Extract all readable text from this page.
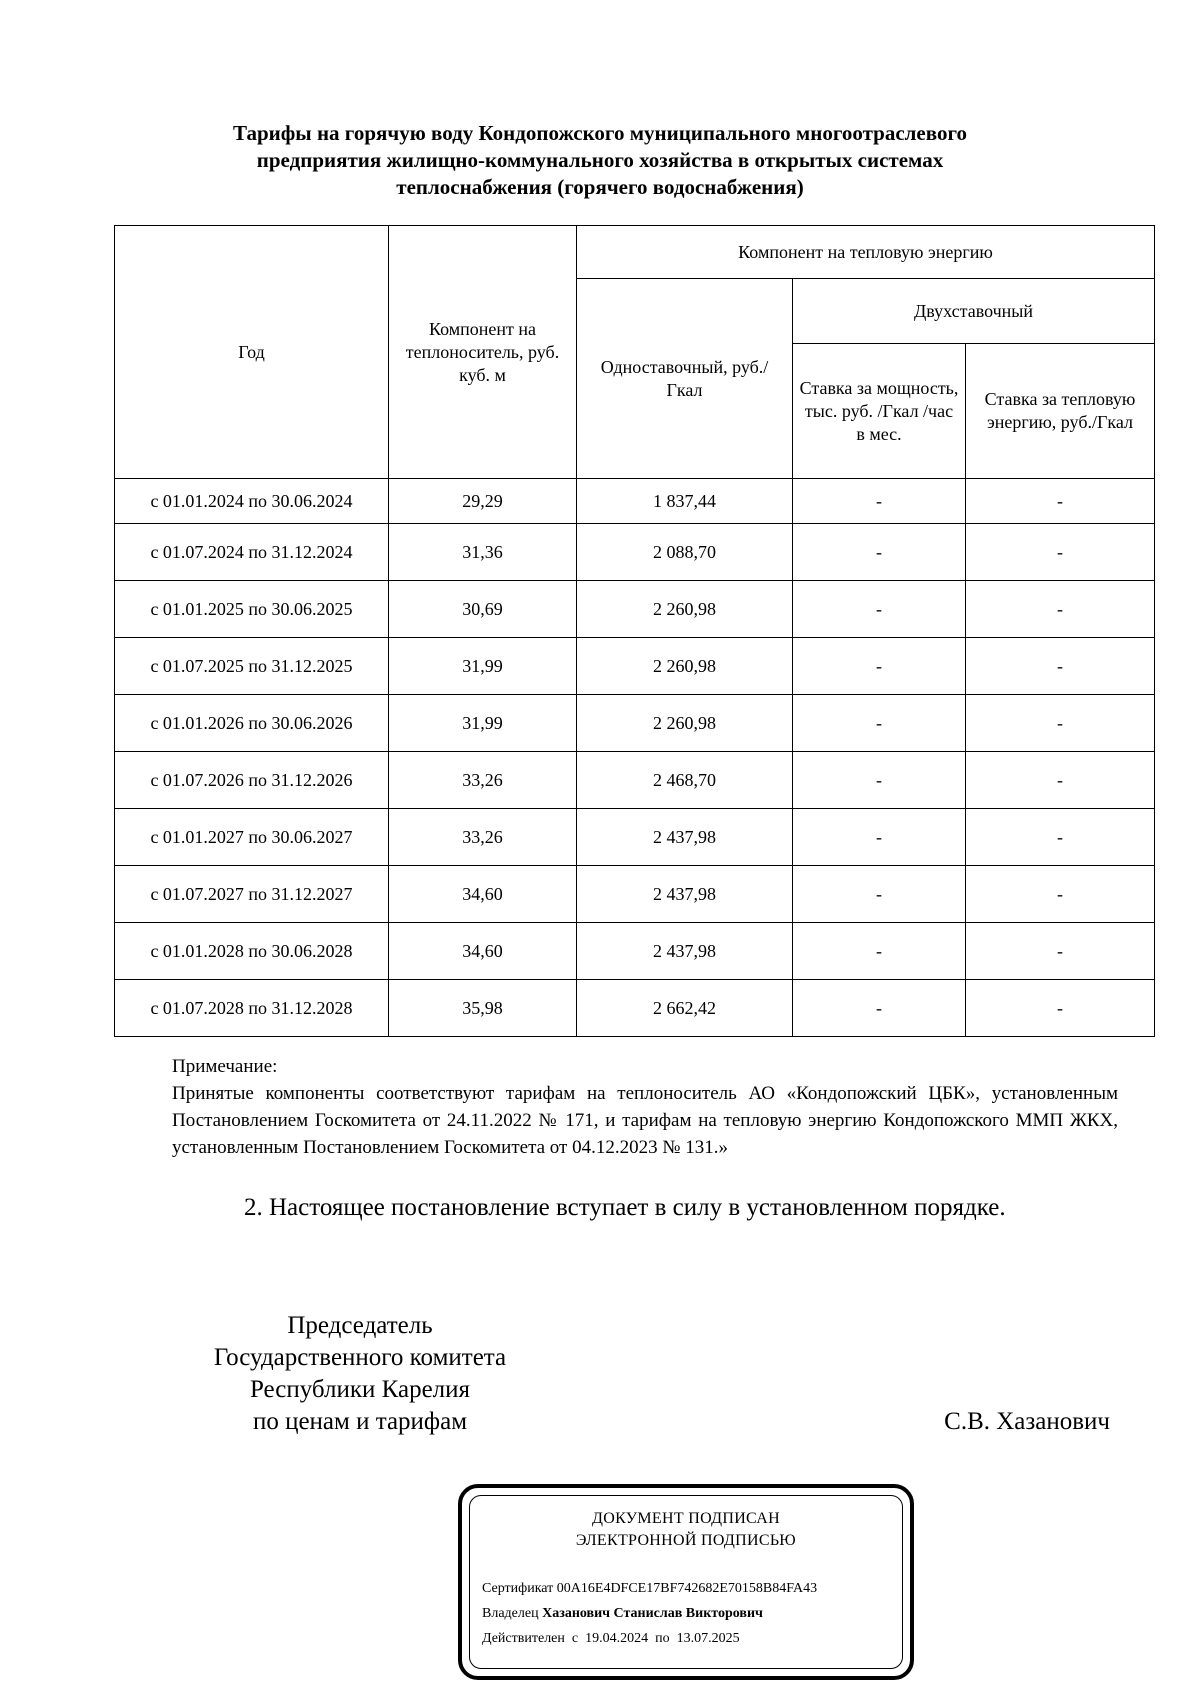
Тарифы на горячую воду Кондопожского муниципального многоотраслевого
предприятия жилищно-коммунального хозяйства в открытых системах
теплоснабжения (горячего водоснабжения)
Год	Компонент на теплоноситель, руб. куб. м	Компонент на тепловую энергию		
		Одноставочный, руб./Гкал	Двухставочный	
			Ставка за мощность, тыс. руб. /Гкал /час в мес.	Ставка за тепловую энергию, руб./Гкал
с 01.01.2024 по 30.06.2024	29,29	1 837,44	-	-
с 01.07.2024 по 31.12.2024	31,36	2 088,70	-	-
с 01.01.2025 по 30.06.2025	30,69	2 260,98	-	-
с 01.07.2025 по 31.12.2025	31,99	2 260,98	-	-
с 01.01.2026 по 30.06.2026	31,99	2 260,98	-	-
с 01.07.2026 по 31.12.2026	33,26	2 468,70	-	-
с 01.01.2027 по 30.06.2027	33,26	2 437,98	-	-
с 01.07.2027 по 31.12.2027	34,60	2 437,98	-	-
с 01.01.2028 по 30.06.2028	34,60	2 437,98	-	-
с 01.07.2028 по 31.12.2028	35,98	2 662,42	-	-
Примечание:
Принятые компоненты соответствуют тарифам на теплоноситель АО «Кондопожский ЦБК», установленным Постановлением Госкомитета от 24.11.2022 № 171, и тарифам на тепловую энергию Кондопожского ММП ЖКХ, установленным Постановлением Госкомитета от 04.12.2023 № 131.»
2. Настоящее постановление вступает в силу в установленном порядке.
Председатель
Государственного комитета
Республики Карелия
по ценам и тарифам	С.В. Хазанович
ДОКУМЕНТ ПОДПИСАН
ЭЛЕКТРОННОЙ ПОДПИСЬЮ
Сертификат 00A16E4DFCE17BF742682E70158B84FA43
Владелец Хазанович Станислав Викторович
Действителен с 19.04.2024 по 13.07.2025
